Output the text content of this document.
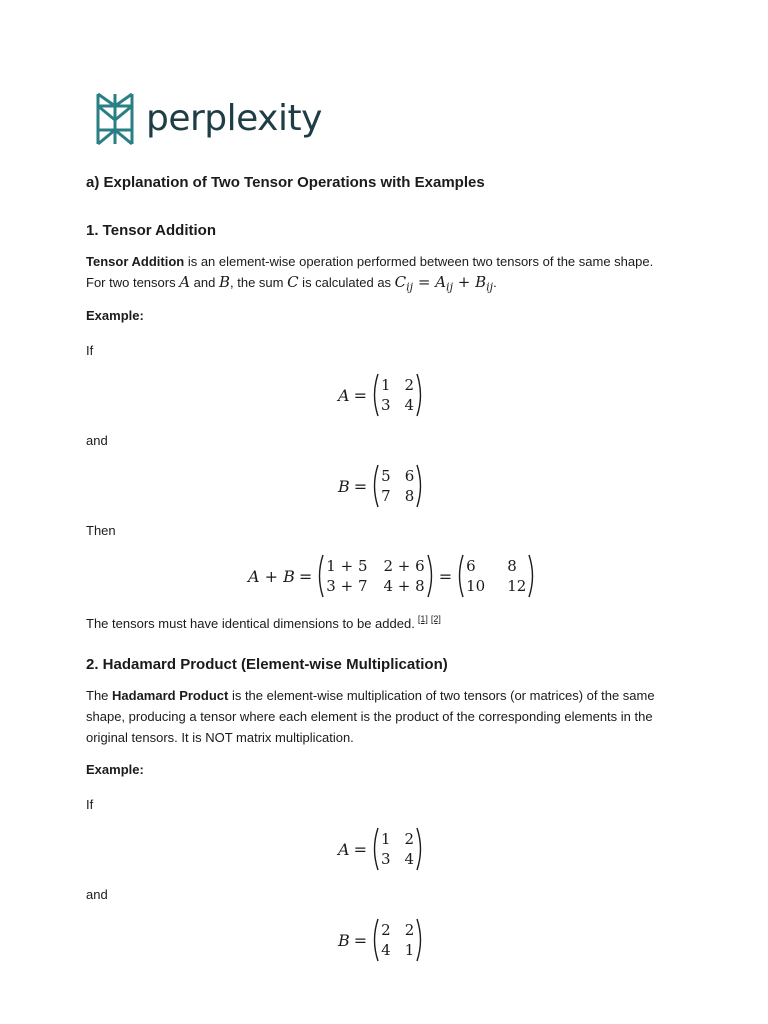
perplexity
a) Explanation of Two Tensor Operations with Examples
1. Tensor Addition
Tensor Addition is an element-wise operation performed between two tensors of the same shape. For two tensors A and B, the sum C is calculated as $C_{ij} = A_{ij} + B_{ij}$.
Example:
If
A =
1 2
3 4
and
B =
5 6
7 8
Then
A + B =
1 + 5 2 + 6
3 + 7 4 + 8
=
6	8
10 12
The tensors must have identical dimensions to be added. [1] [2]
2. Hadamard Product (Element-wise Multiplication)
The Hadamard Product is the element-wise multiplication of two tensors (or matrices) of the same shape, producing a tensor where each element is the product of the corresponding elements in the original tensors. It is NOT matrix multiplication.
Example:
If
A =
1 2
3 4
and
B =
2 2
4 1
